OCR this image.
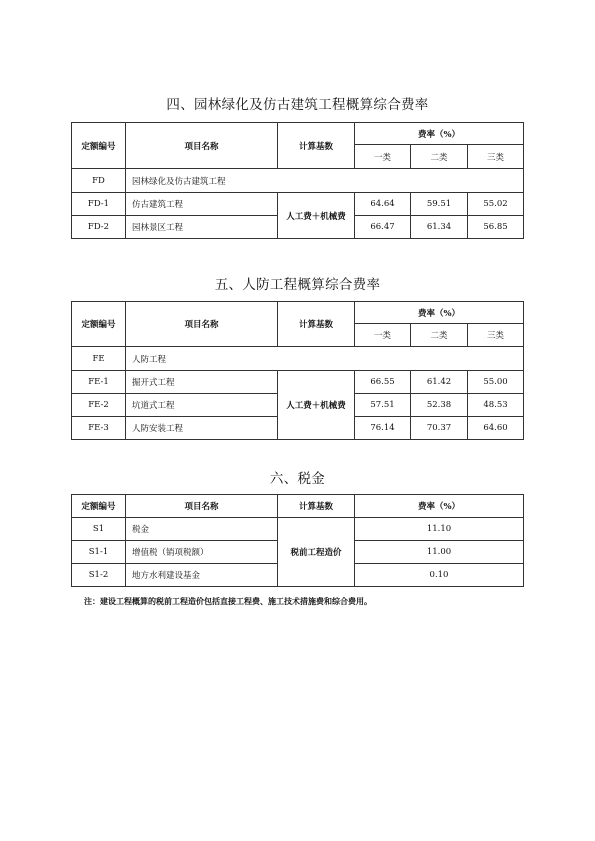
四、园林绿化及仿古建筑工程概算综合费率
定额编号	项目名称	计算基数	费率（%）		
			一类	二类	三类
FD	园林绿化及仿古建筑工程				
FD-1	仿古建筑工程	人工费＋机械费	64.64	59.51	55.02
FD-2	园林景区工程		66.47	61.34	56.85
五、人防工程概算综合费率
定额编号	项目名称	计算基数	费率（%）		
			一类	二类	三类
FE	人防工程				
FE-1	掘开式工程	人工费＋机械费	66.55	61.42	55.00
FE-2	坑道式工程		57.51	52.38	48.53
FE-3	人防安装工程		76.14	70.37	64.60
六、税金
定额编号	项目名称	计算基数	费率（%）
S1	税金	税前工程造价	11.10
S1-1	增值税（销项税额）		11.00
S1-2	地方水利建设基金		0.10
注：建设工程概算的税前工程造价包括直接工程费、施工技术措施费和综合费用。
